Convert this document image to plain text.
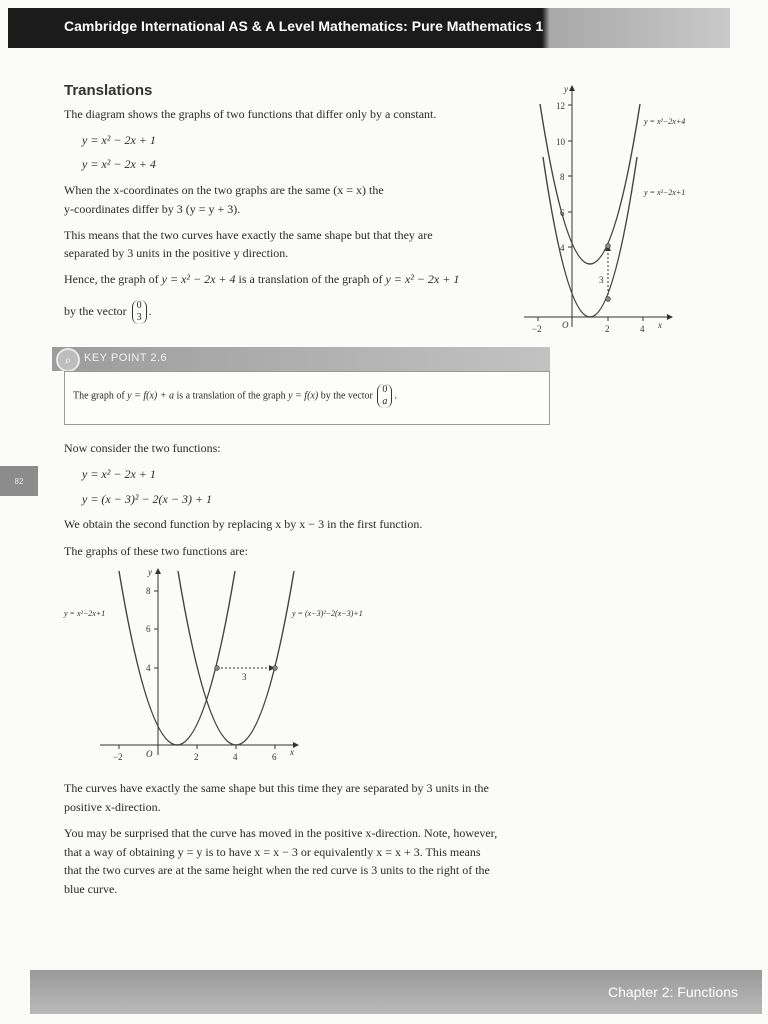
Cambridge International AS & A Level Mathematics: Pure Mathematics 1
82
Translations
The diagram shows the graphs of two functions that differ only by a constant.
y = x² − 2x + 1
y = x² − 2x + 4
When the x-coordinates on the two graphs are the same (x = x) the
y-coordinates differ by 3 (y = y + 3).
This means that the two curves have exactly the same shape but that they are
separated by 3 units in the positive y direction.
Hence, the graph of y = x² − 2x + 4 is a translation of the graph of y = x² − 2x + 1
by the vector 0
3 .
12
10
8
6
4
−2	2	4
O	x
y
3
y = x²−2x+4
y = x²−2x+1
⌕	KEY POINT 2.6
The graph of y = f(x) + a is a translation of the graph y = f(x) by the vector 0
a.
Now consider the two functions:
y = x² − 2x + 1
y = (x − 3)² − 2(x − 3) + 1
We obtain the second function by replacing x by x − 3 in the first function.
The graphs of these two functions are:
8
6
4
−2	2	4	6
O	x
y
3
y = x²−2x+1	y = (x−3)²−2(x−3)+1
The curves have exactly the same shape but this time they are separated by 3 units in the
positive x-direction.
You may be surprised that the curve has moved in the positive x-direction. Note, however,
that a way of obtaining y = y is to have x = x − 3 or equivalently x = x + 3. This means
that the two curves are at the same height when the red curve is 3 units to the right of the
blue curve.
Chapter 2: Functions
